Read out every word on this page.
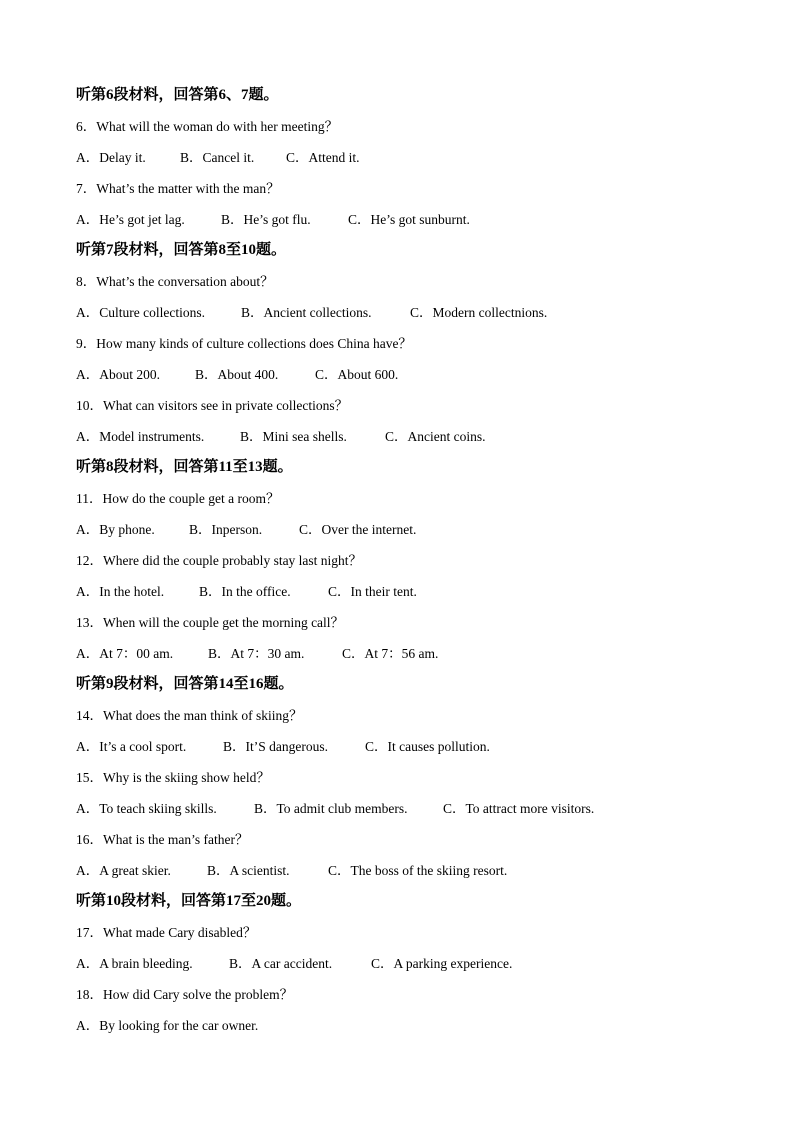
听第6段材料，回答第6、7题。
6．What will the woman do with her meeting？
A．Delay it.	B．Cancel it. C．Attend it.
7．What’s the matter with the man？
A．He’s got jet lag.	B．He’s got flu.	C．He’s got sunburnt.
听第7段材料，回答第8至10题。
8．What’s the conversation about？
A．Culture collections.	B．Ancient collections.	C．Modern collectnions.
9．How many kinds of culture collections does China have？
A．About 200.	B．About 400.	C．About 600.
10．What can visitors see in private collections？
A．Model instruments.	B．Mini sea shells.	C．Ancient coins.
听第8段材料，回答第11至13题。
11．How do the couple get a room？
A．By phone.	B．Inperson.	C．Over the internet.
12．Where did the couple probably stay last night？
A．In the hotel.	B．In the office.	C．In their tent.
13．When will the couple get the morning call？
A．At 7：00 am.	B．At 7：30 am.	C．At 7：56 am.
听第9段材料，回答第14至16题。
14．What does the man think of skiing？
A．It’s a cool sport.	B．It’S dangerous.	C．It causes pollution.
15．Why is the skiing show held？
A．To teach skiing skills.	B．To admit club members.	C．To attract more visitors.
16．What is the man’s father？
A．A great skier.	B．A scientist.	C．The boss of the skiing resort.
听第10段材料，回答第17至20题。
17．What made Cary disabled？
A．A brain bleeding.	B．A car accident.	C．A parking experience.
18．How did Cary solve the problem？
A．By looking for the car owner.
